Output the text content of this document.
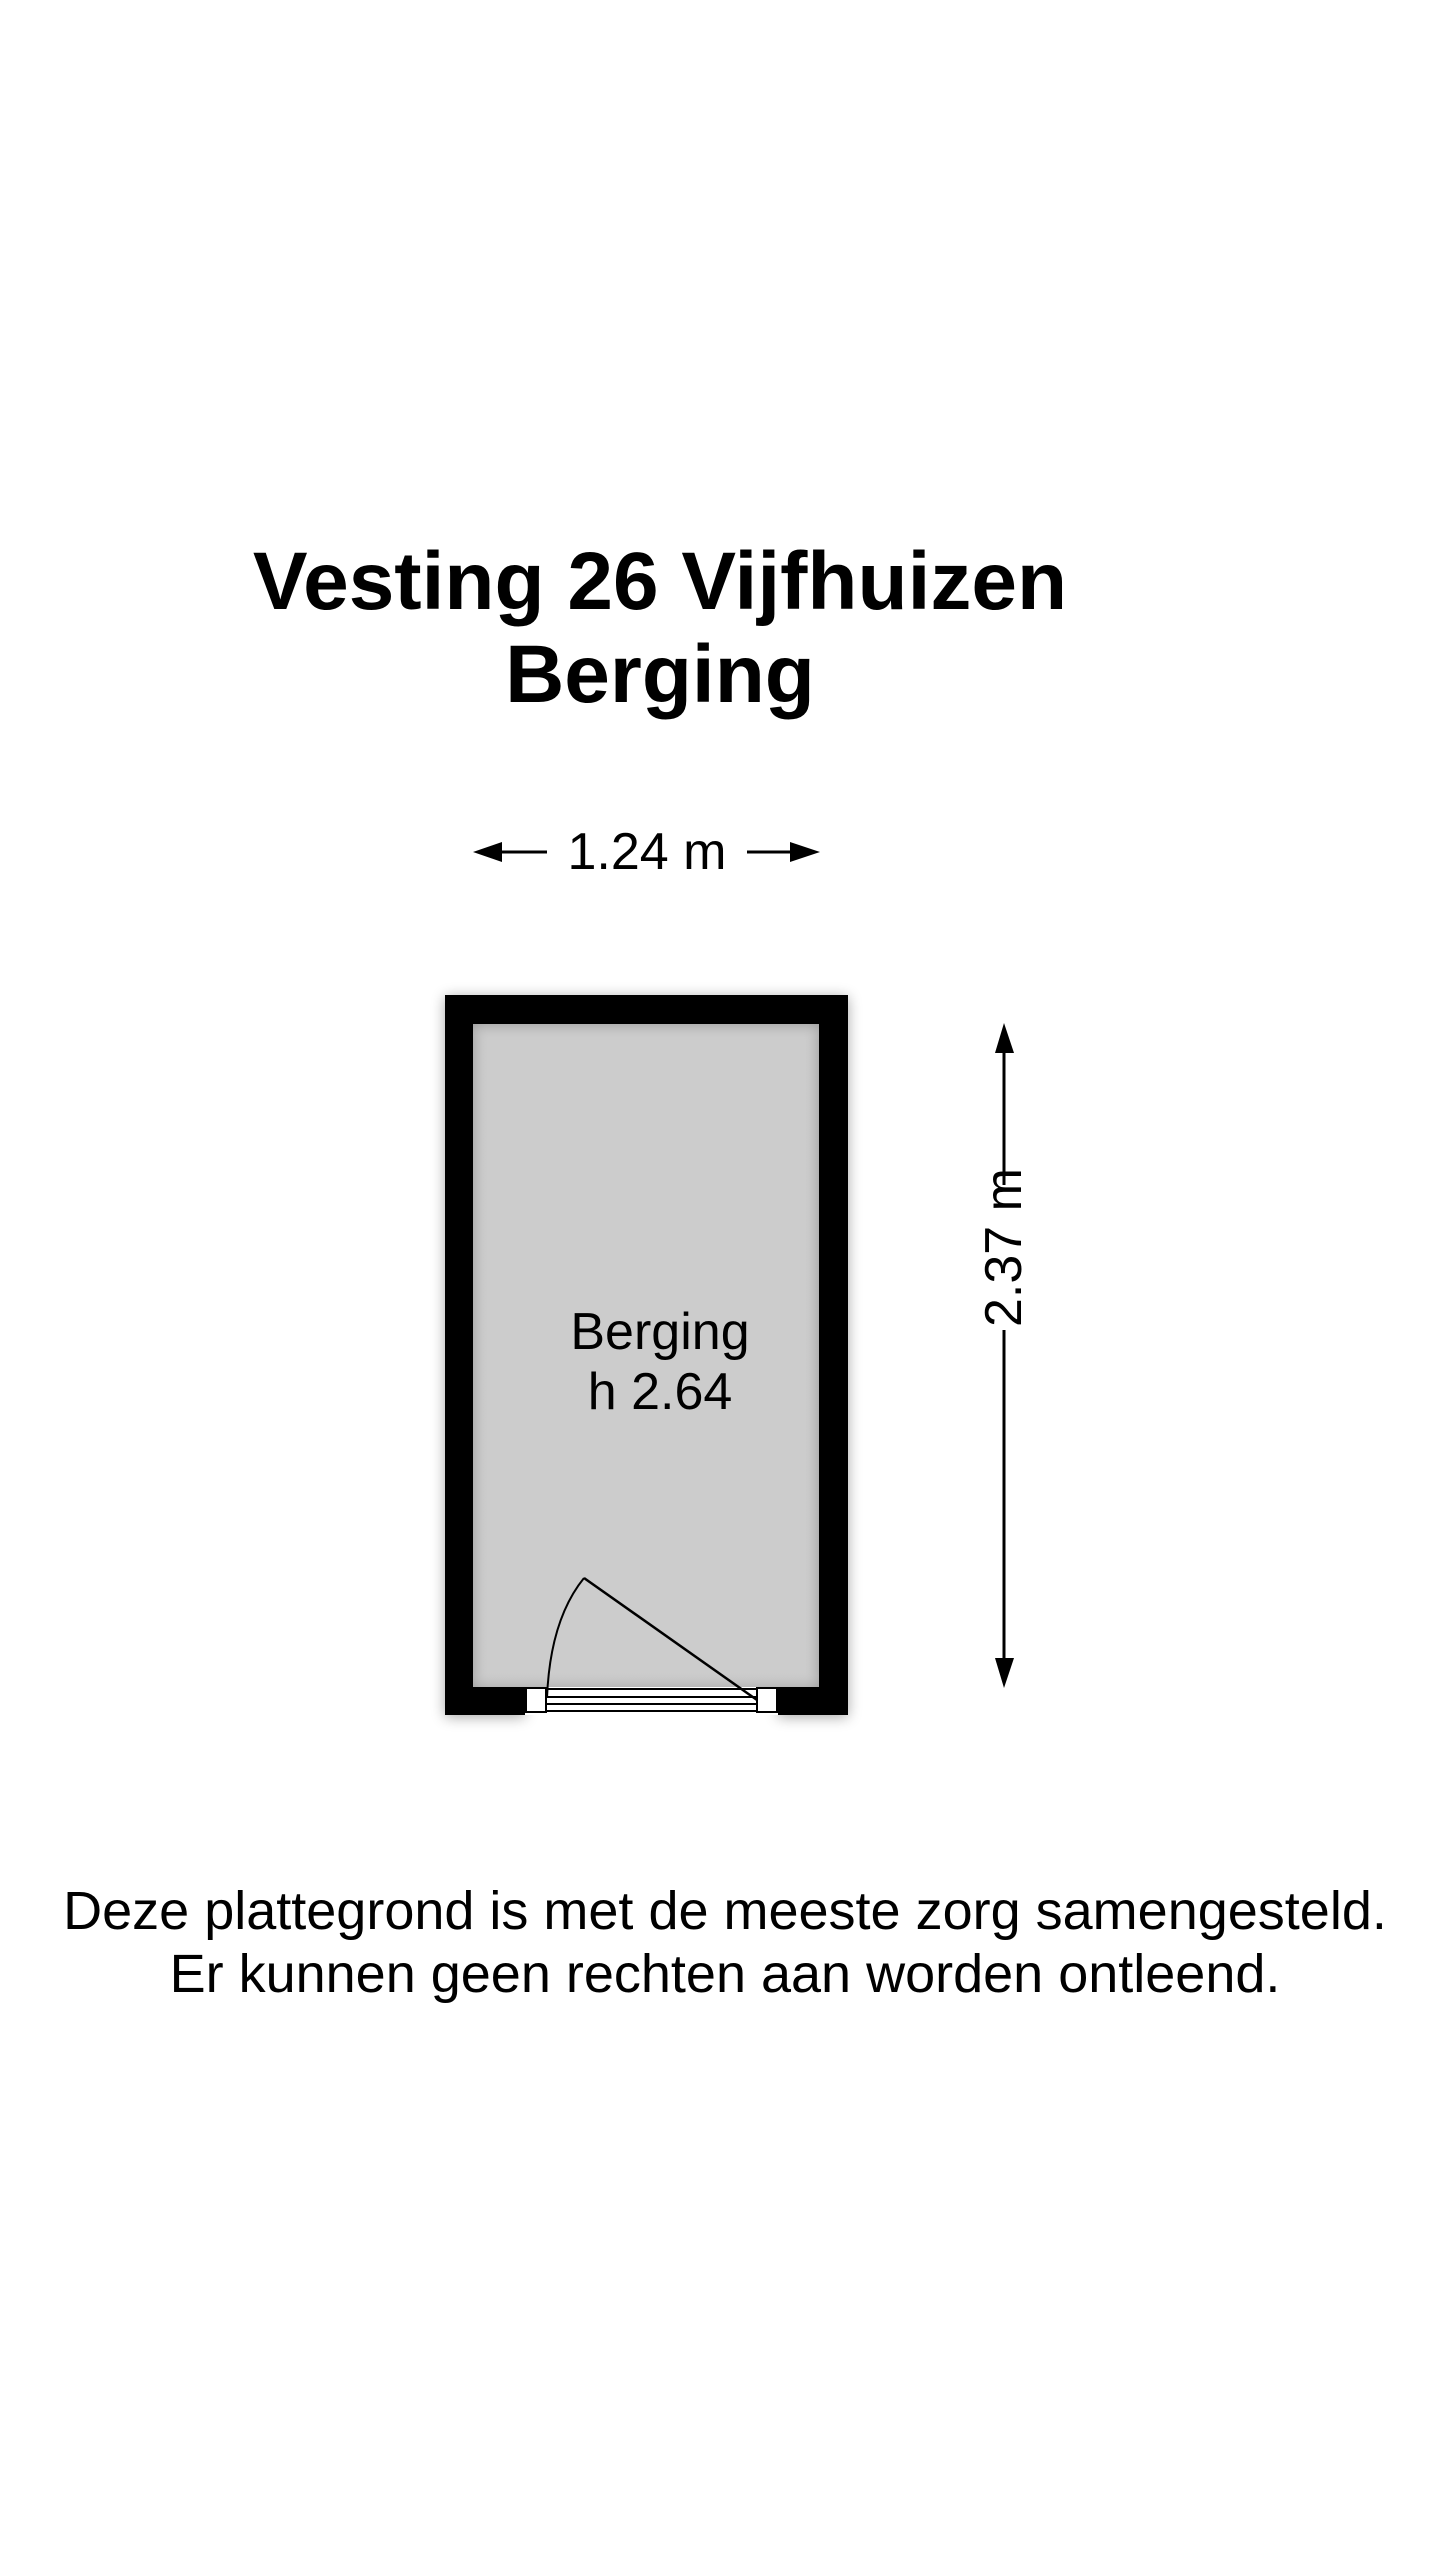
Vesting 26 Vijfhuizen
Berging
1.24 m
2.37 m
Berging
h 2.64
Deze plattegrond is met de meeste zorg samengesteld.
Er kunnen geen rechten aan worden ontleend.
